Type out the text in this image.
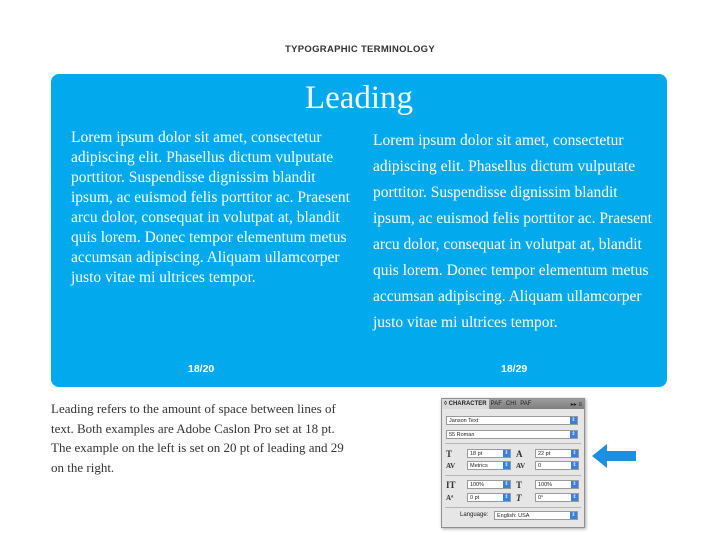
TYPOGRAPHIC TERMINOLOGY
Leading
Lorem ipsum dolor sit amet, consectetur adipiscing elit. Phasellus dictum vulputate porttitor. Suspendisse dignissim blandit ipsum, ac euismod felis porttitor ac. Praesent arcu dolor, consequat in volutpat at, blandit quis lorem. Donec tempor elementum metus accumsan adipiscing. Aliquam ullamcorper justo vitae mi ultrices tempor.
Lorem ipsum dolor sit amet, consectetur adipiscing elit. Phasellus dictum vulputate porttitor. Suspendisse dignissim blandit ipsum, ac euismod felis porttitor ac. Praesent arcu dolor, consequat in volutpat at, blandit quis lorem. Donec tempor elementum metus accumsan adipiscing. Aliquam ullamcorper justo vitae mi ultrices tempor.
18/20	18/29
Leading refers to the amount of space between lines of text. Both examples are Adobe Caslon Pro set at 18 pt. The example on the left is set on 20 pt of leading and 29 on the right.
◊ CHARACTER PAF CHI PAF	▸▸ ≡
Janson Text	⇕
55 Roman	⇕
T	18 pt	⇕ A	22 pt	⇕
AV	Metrics	⇕ AV	0	⇕
IT	100%	⇕ T	100%	⇕
Aª	0 pt	⇕ T	0°	⇕
Language:	English: USA	⇕
